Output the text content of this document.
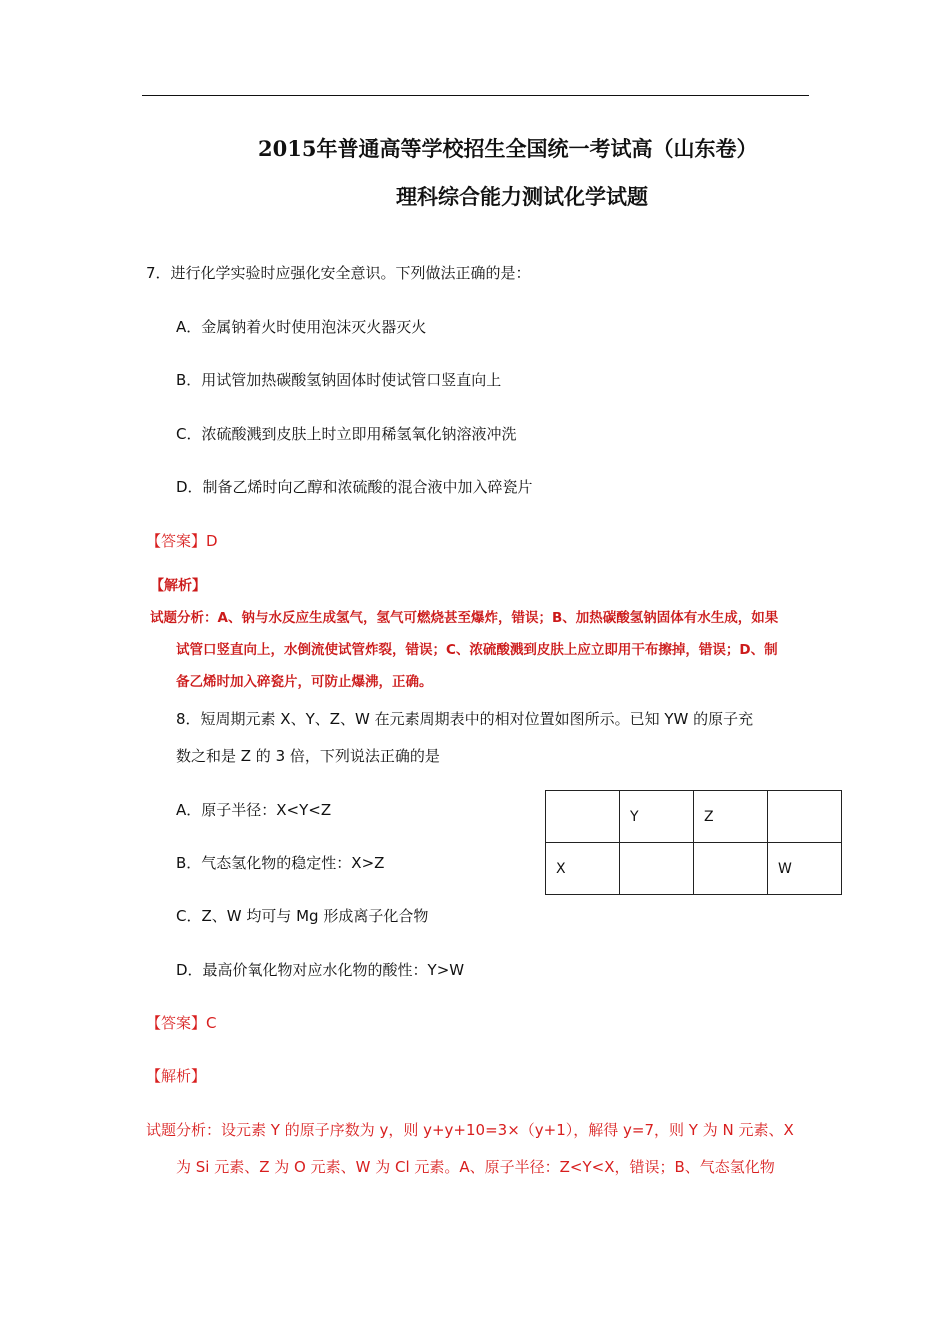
2015年普通高等学校招生全国统一考试高（山东卷）
理科综合能力测试化学试题
7．进行化学实验时应强化安全意识。下列做法正确的是：
A．金属钠着火时使用泡沫灭火器灭火
B．用试管加热碳酸氢钠固体时使试管口竖直向上
C．浓硫酸溅到皮肤上时立即用稀氢氧化钠溶液冲洗
D．制备乙烯时向乙醇和浓硫酸的混合液中加入碎瓷片
【答案】D
【解析】
试题分析：A、钠与水反应生成氢气，氢气可燃烧甚至爆炸，错误；B、加热碳酸氢钠固体有水生成，如果
试管口竖直向上，水倒流使试管炸裂，错误；C、浓硫酸溅到皮肤上应立即用干布擦掉，错误；D、制
备乙烯时加入碎瓷片，可防止爆沸，正确。
8．短周期元素 X、Y、Z、W 在元素周期表中的相对位置如图所示。已知 YW 的原子充
数之和是 Z 的 3 倍，下列说法正确的是
A．原子半径：X<Y<Z
B．气态氢化物的稳定性：X>Z
C．Z、W 均可与 Mg 形成离子化合物
D．最高价氧化物对应水化物的酸性：Y>W
	Y	Z	
X			W
【答案】C
【解析】
试题分析：设元素 Y 的原子序数为 y，则 y+y+10=3×（y+1），解得 y=7，则 Y 为 N 元素、X
为 Si 元素、Z 为 O 元素、W 为 Cl 元素。A、原子半径：Z<Y<X，错误；B、气态氢化物
